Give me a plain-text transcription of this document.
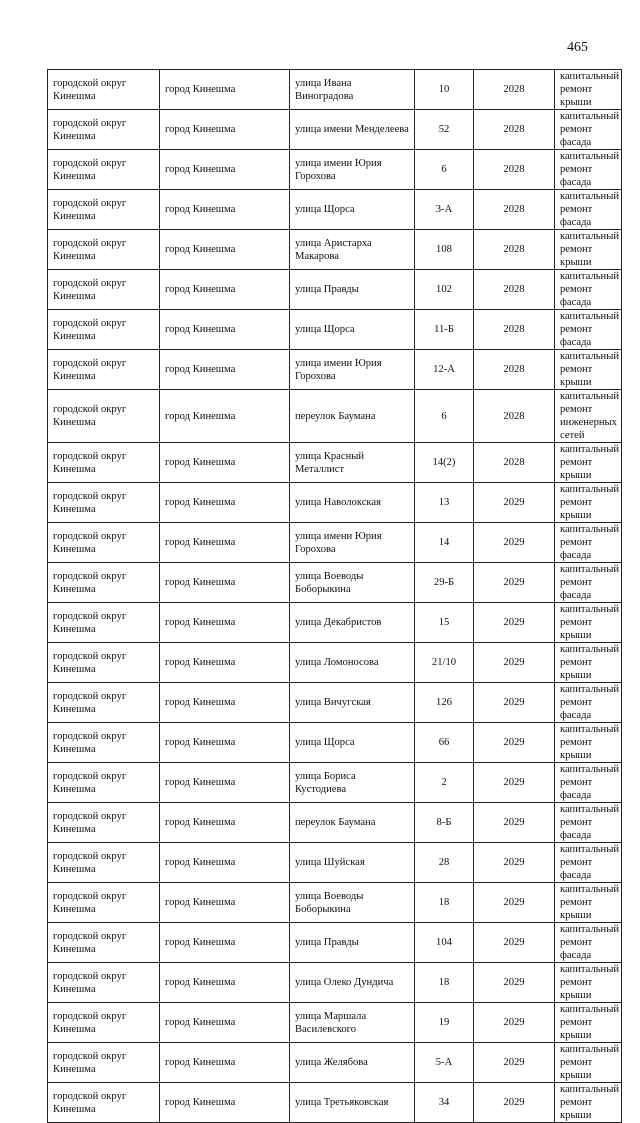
465
городской округ Кинешма	город Кинешма	улица Ивана Виноградова	10	2028	капитальный ремонт крыши
городской округ Кинешма	город Кинешма	улица имени Менделеева	52	2028	капитальный ремонт фасада
городской округ Кинешма	город Кинешма	улица имени Юрия Горохова	6	2028	капитальный ремонт фасада
городской округ Кинешма	город Кинешма	улица Щорса	3-А	2028	капитальный ремонт фасада
городской округ Кинешма	город Кинешма	улица Аристарха Макарова	108	2028	капитальный ремонт крыши
городской округ Кинешма	город Кинешма	улица Правды	102	2028	капитальный ремонт фасада
городской округ Кинешма	город Кинешма	улица Щорса	11-Б	2028	капитальный ремонт фасада
городской округ Кинешма	город Кинешма	улица имени Юрия Горохова	12-А	2028	капитальный ремонт крыши
городской округ Кинешма	город Кинешма	переулок Баумана	6	2028	капитальный ремонт инженерных сетей
городской округ Кинешма	город Кинешма	улица Красный Металлист	14(2)	2028	капитальный ремонт крыши
городской округ Кинешма	город Кинешма	улица Наволокская	13	2029	капитальный ремонт крыши
городской округ Кинешма	город Кинешма	улица имени Юрия Горохова	14	2029	капитальный ремонт фасада
городской округ Кинешма	город Кинешма	улица Воеводы Боборыкина	29-Б	2029	капитальный ремонт фасада
городской округ Кинешма	город Кинешма	улица Декабристов	15	2029	капитальный ремонт крыши
городской округ Кинешма	город Кинешма	улица Ломоносова	21/10	2029	капитальный ремонт крыши
городской округ Кинешма	город Кинешма	улица Вичугская	126	2029	капитальный ремонт фасада
городской округ Кинешма	город Кинешма	улица Щорса	66	2029	капитальный ремонт крыши
городской округ Кинешма	город Кинешма	улица Бориса Кустодиева	2	2029	капитальный ремонт фасада
городской округ Кинешма	город Кинешма	переулок Баумана	8-Б	2029	капитальный ремонт фасада
городской округ Кинешма	город Кинешма	улица Шуйская	28	2029	капитальный ремонт фасада
городской округ Кинешма	город Кинешма	улица Воеводы Боборыкина	18	2029	капитальный ремонт крыши
городской округ Кинешма	город Кинешма	улица Правды	104	2029	капитальный ремонт фасада
городской округ Кинешма	город Кинешма	улица Олеко Дундича	18	2029	капитальный ремонт крыши
городской округ Кинешма	город Кинешма	улица Маршала Василевского	19	2029	капитальный ремонт крыши
городской округ Кинешма	город Кинешма	улица Желябова	5-А	2029	капитальный ремонт крыши
городской округ Кинешма	город Кинешма	улица Третьяковская	34	2029	капитальный ремонт крыши
